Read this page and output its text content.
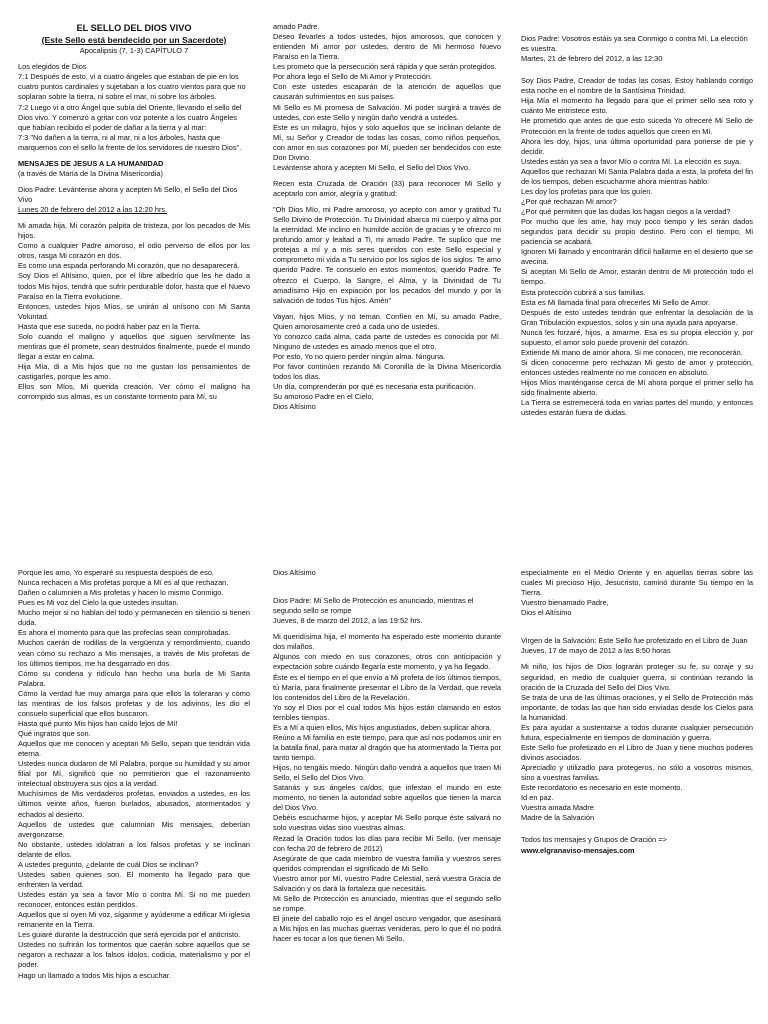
EL SELLO DEL DIOS VIVO

(Este Sello está bendecido por un Sacerdote)

Apocalipsis (7, 1-3) CAPÍTULO 7

Los elegidos de Dios

7:1 Después de esto, vi a cuatro ángeles que estaban de pie en los cuatro puntos cardinales y sujetaban a los cuatro vientos para que no soplaran sobre la tierra, ni sobre el mar, ni sobre los árboles.

7:2 Luego vi a otro Ángel que subía del Oriente, llevando el sello del Dios vivo. Y comenzó a gritar con voz potente a los cuatro Ángeles que habían recibido el poder de dañar a la tierra y al mar:

7:3 "No dañen a la tierra, ni al mar, ni a los árboles, hasta que marquemos con el sello la frente de los servidores de nuestro Dios".

MENSAJES DE JESUS A LA HUMANIDAD

(a través de María de la Divina Misericordia)

Dios Padre: Levántense ahora y acepten Mi Sello, el Sello del Dios Vivo

Lunes 20 de febrero del 2012 a las 12:20 hrs.

Mi amada hija, Mi corazón palpita de tristeza, por los pecados de Mis hijos.

Como a cualquier Padre amoroso, el odio perverso de ellos por los otros, rasga Mi corazón en dos.

Es como una espada perforando Mi corazón, que no desaparecerá.

Soy Dios el Altísimo, quien, por el libre albedrío que les he dado a todos Mis hijos, tendrá que sufrir perdurable dolor, hasta que el Nuevo Paraíso en la Tierra evolucione.

Entonces, ustedes hijos Míos, se unirán al unísono con Mi Santa Voluntad.

Hasta que ese suceda, no podrá haber paz en la Tierra.

Solo cuando el maligno y aquellos que siguen servilmente las mentiras que él promete, sean destruidos finalmente, puede el mundo llegar a estar en calma.

Hija Mía, di a Mis hijos que no me gustan los pensamientos de castigarles, porque les amo.

Ellos son Míos, Mi querida creación. Ver cómo el maligno ha corrompido sus almas, es un constante tormento para Mí, su

amado Padre.

Deseo llevarles a todos ustedes, hijos amorosos, que conocen y entienden Mi amor por ustedes, dentro de Mi hermoso Nuevo Paraíso en la Tierra.

Les prometo que la persecución será rápida y que serán protegidos.

Por ahora lego el Sello de Mi Amor y Protección.

Con este ustedes escaparán de la atención de aquellos que causarán sufrimientos en sus países.

Mi Sello es Mi promesa de Salvación. Mi poder surgirá a través de ustedes, con este Sello y ningún daño vendrá a ustedes.

Este es un milagro, hijos y solo aquellos que se inclinan delante de Mí, su Señor y Creador de todas las cosas, como niños pequeños, con amor en sus corazones por Mí, pueden ser bendecidos con este Don Divino.

Levántense ahora y acepten Mi Sello, el Sello del Dios Vivo.

Recen esta Cruzada de Oración (33) para reconocer Mi Sello y aceptarlo con amor, alegría y gratitud:

"Oh Dios Mío, mi Padre amoroso, yo acepto con amor y gratitud Tu Sello Divino de Protección. Tu Divinidad abarca mi cuerpo y alma por la eternidad. Me inclino en humilde acción de gracias y te ofrezco mi profundo amor y lealtad a Ti, mi amado Padre. Te suplico que me protejas a mí y a mis seres queridos con este Sello especial y comprometo mi vida a Tu servicio por los siglos de los siglos. Te amo querido Padre. Te consuelo en estos momentos, querido Padre. Te ofrezco el Cuerpo, la Sangre, el Alma, y la Divinidad de Tu amadísimo Hijo en expiación por los pecados del mundo y por la salvación de todos Tus hijos. Amén"

Vayan, hijos Míos, y no teman. Confíen en Mí, su amado Padre, Quien amorosamente creó a cada uno de ustedes.

Yo conozco cada alma, cada parte de ustedes es conocida por Mí. Ninguno de ustedes es amado menos que el otro.

Por esto, Yo no quiero perder ningún alma. Ninguna.

Por favor continúen rezando Mi Coronilla de la Divina Misericordia todos los días.

Un día, comprenderán por qué es necesaria esta purificación.

Su amoroso Padre en el Cielo,

Dios Altísimo

Dios Padre: Vosotros estáis ya sea Conmigo o contra Mí. La elección es vuestra.

Martes, 21 de febrero del 2012, a las 12:30

Soy Dios Padre, Creador de todas las cosas. Estoy hablando contigo esta noche en el nombre de la Santísima Trinidad.

Hija Mía el momento ha llegado para que el primer sello sea roto y cuánto Me entristece esto.

He prometido que antes de que esto suceda Yo ofreceré Mi Sello de Protección en la frente de todos aquellos que creen en Mí.

Ahora les doy, hijos, una última oportunidad para ponerse de pie y decidir.

Ustedes están ya sea a favor Mío o contra Mí. La elección es suya.

Aquellos que rechazan Mi Santa Palabra dada a esta, la profeta del fin de los tiempos, deben escucharme ahora mientras hablo:

Les doy los profetas para que los guíen.

¿Por qué rechazan Mi amor?

¿Por qué permiten que las dudas los hagan ciegos a la verdad?

Por mucho que les ame, hay muy poco tiempo y les serán dados segundos para decidir su propio destino. Pero con el tiempo, Mi paciencia se acabará.

Ignoren Mi llamado y encontrarán difícil hallarme en el desierto que se avecina.

Si aceptan Mi Sello de Amor, estarán dentro de Mi protección todo el tiempo.

Esta protección cubrirá a sus familias.

Esta es Mi llamada final para ofrecerles Mi Sello de Amor.

Después de esto ustedes tendrán que enfrentar la desolación de la Gran Tribulación expuestos, solos y sin una ayuda para apoyarse.

Nunca les forzaré, hijos, a amarme. Esa es su propia elección y, por supuesto, el amor solo puede provenir del corazón.

Extiende Mi mano de amor ahora. Si me conocen, me reconocerán.

Si dicen conocerme pero rechazan Mi gesto de amor y protección, entonces ustedes realmente no me conocen en absoluto.

Hijos Míos manténganse cerca de Mí ahora porque el primer sello ha sido finalmente abierto.

La Tierra se estremecerá toda en varias partes del mundo, y entonces ustedes estarán fuera de dudas.

Porque les amo, Yo esperaré su respuesta después de eso.

Nunca rechacen a Mis profetas porque a Mí es al que rechazan.

Dañen o calumnien a Mis profetas y hacen lo mismo Conmigo.

Pues es Mi voz del Cielo la que ustedes insultan.

Mucho mejor si no hablan del todo y permanecen en silencio si tienen duda.

Es ahora el momento para que las profecías sean comprobadas.

Muchos caerán de rodillas de la vergüenza y remordimiento, cuando vean cómo su rechazo a Mis mensajes, a través de Mis profetas de los últimos tiempos, me ha desgarrado en dos.

Cómo su condena y ridículo han hecho una burla de Mi Santa Palabra.

Cómo la verdad fue muy amarga para que ellos la toleraran y cómo las mentiras de los falsos profetas y de los adivinos, les dio el consuelo superficial que ellos buscaron.

Hasta qué punto Mis hijos han caído lejos de Mí!

Qué ingratos que son.

Aquellos que me conocen y aceptan Mi Sello, sepan que tendrán vida eterna.

Ustedes nunca dudaron de Mi Palabra, porque su humildad y su amor filial por Mí, significó que no permitieron que el razonamiento intelectual obstruyera sus ojos a la verdad.

Muchísimos de Mis verdaderos profetas, enviados a ustedes, en los últimos veinte años, fueron burlados, abusados, atormentados y echados al desierto.

Aquellos de ustedes que calumnian Mis mensajes, deberían avergonzarse.

No obstante, ustedes idolatran a los falsos profetas y se inclinan delante de ellos.

A ustedes pregunto, ¿delante de cuál Dios se inclinan?

Ustedes saben quienes son. El momento ha llegado para que enfrenten la verdad.

Ustedes están ya sea a favor Mío o contra Mí. Si no me pueden reconocer, entonces están perdidos.

Aquellos que sí oyen Mi voz, síganme y ayúdenme a edificar Mi iglesia remanente en la Tierra.

Les guiaré durante la destrucción que será ejercida por el anticristo.

Ustedes no sufrirán los tormentos que caerán sobre aquellos que se negaron a rechazar a los falsos ídolos, codicia, materialismo y por el poder.

Hago un llamado a todos Mis hijos a escuchar.

Dios Altísimo

Dios Padre: Mi Sello de Protección es anunciado, mientras el segundo sello se rompe

Jueves, 8 de marzo del 2012, a las 19:52 hrs.

Mi queridísima hija, el momento ha esperado este momento durante dos milaños.

Algunos con miedo en sus corazones, otros con anticipación y expectación sobre cuándo llegaría este momento, y ya ha llegado.

Éste es el tiempo en el que envío a Mi profeta de los últimos tiempos, tú María, para finalmente presentar el Libro de la Verdad, que revela los contenidos del Libro de la Revelación.

Yo soy el Dios por el cual todos Mis hijos están clamando en estos terribles tiempos.

Es a Mí a quien ellos, Mis hijos angustiados, deben suplicar ahora.

Reúno a Mi familia en este tiempo, para que así nos podamos unir en la batalla final, para matar al dragón que ha atormentado la Tierra por tanto tiempo.

Hijos, no tengáis miedo. Ningún daño vendrá a aquellos que traen Mi Sello, el Sello del Dios Vivo.

Satanás y sus ángeles caídos, que infestan el mundo en este momento, no tienen la autoridad sobre aquellos que tienen la marca del Dios Vivo.

Debéis escucharme hijos, y aceptar Mi Sello porque éste salvará no solo vuestras vidas sino vuestras almas.

Rezad la Oración todos los días para recibir Mi Sello. (ver mensaje con fecha 20 de febrero de 2012)

Asegúrate de que cada miembro de vuestra familia y vuestros seres queridos comprendan el significado de Mi Sello.

Vuestro amor por Mí, vuestro Padre Celestial, será vuestra Gracia de Salvación y os dará la fortaleza que necesitáis.

Mi Sello de Protección es anunciado, mientras que el segundo sello se rompe.

El jinete del caballo rojo es el ángel oscuro vengador, que asesinará a Mis hijos en las muchas guerras venideras, pero lo que él no podrá hacer es tocar a los que tienen Mi Sello.

especialmente en el Medio Oriente y en aquellas tierras sobre las cuales Mi precioso Hijo, Jesucristo, caminó durante Su tiempo en la Tierra.

Vuestro bienamado Padre,

Dios el Altísimo

Virgen de la Salvación: Este Sello fue profetizado en el Libro de Juan

Jueves, 17 de mayo de 2012 a las 8:50 horas

Mi niño, los hijos de Dios lograrán proteger su fe, su coraje y su seguridad, en medio de cualquier guerra, si continúan rezando la oración de la Cruzada del Sello del Dios Vivo.

Se trata de una de las últimas oraciones, y el Sello de Protección más importante, de todas las que han sido enviadas desde los Cielos para la humanidad.

Es para ayudar a sustentarse a todos durante cualquier persecución futura, especialmente en tiempos de dominación y guerra.

Este Sello fue profetizado en el Libro de Juan y tiene muchos poderes divinos asociados.

Apreciadlo y utilizadlo para protegeros, no sólo a vosotros mismos, sino a vuestras familias.

Este recordatorio es necesario en este momento.

Id en paz.

Vuestra amada Madre

Madre de la Salvación

Todos los mensajes y Grupos de Oración =>

www.elgranaviso-mensajes.com
